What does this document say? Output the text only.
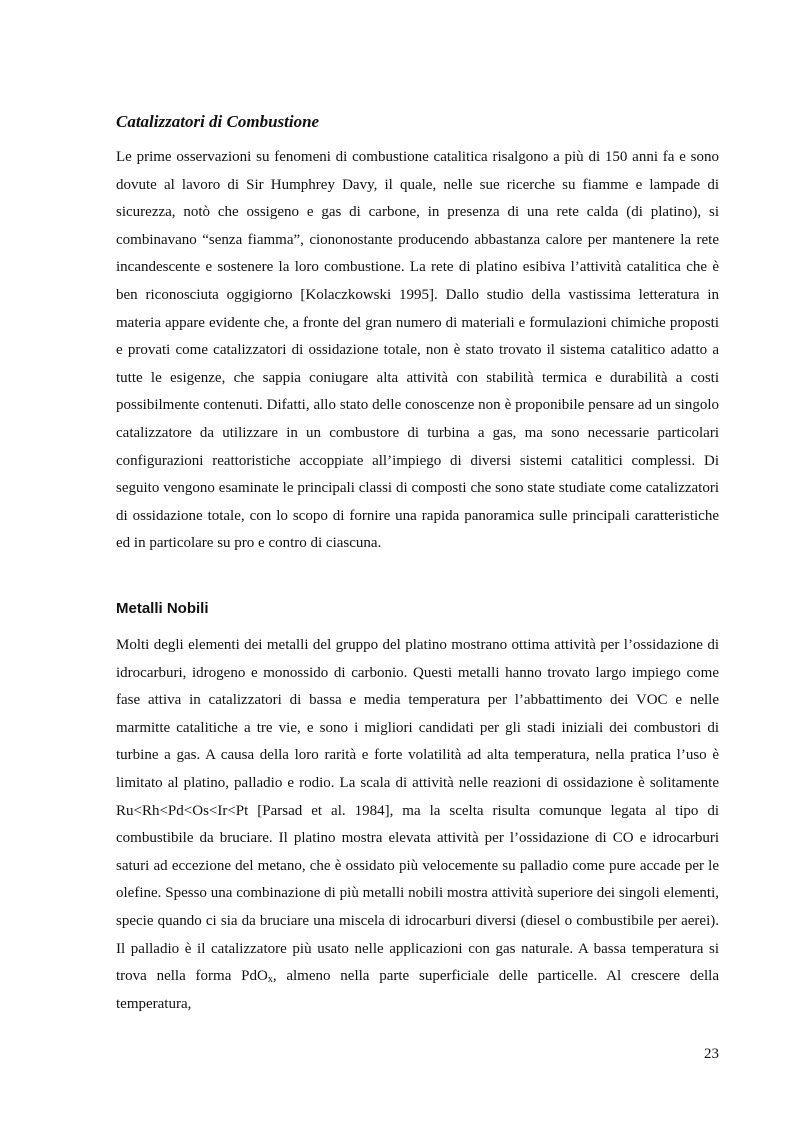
Catalizzatori di Combustione

Le prime osservazioni su fenomeni di combustione catalitica risalgono a più di 150 anni fa e sono dovute al lavoro di Sir Humphrey Davy, il quale, nelle sue ricerche su fiamme e lampade di sicurezza, notò che ossigeno e gas di carbone, in presenza di una rete calda (di platino), si combinavano “senza fiamma”, ciononostante producendo abbastanza calore per mantenere la rete incandescente e sostenere la loro combustione. La rete di platino esibiva l’attività catalitica che è ben riconosciuta oggigiorno [Kolaczkowski 1995]. Dallo studio della vastissima letteratura in materia appare evidente che, a fronte del gran numero di materiali e formulazioni chimiche proposti e provati come catalizzatori di ossidazione totale, non è stato trovato il sistema catalitico adatto a tutte le esigenze, che sappia coniugare alta attività con stabilità termica e durabilità a costi possibilmente contenuti. Difatti, allo stato delle conoscenze non è proponibile pensare ad un singolo catalizzatore da utilizzare in un combustore di turbina a gas, ma sono necessarie particolari configurazioni reattoristiche accoppiate all’impiego di diversi sistemi catalitici complessi. Di seguito vengono esaminate le principali classi di composti che sono state studiate come catalizzatori di ossidazione totale, con lo scopo di fornire una rapida panoramica sulle principali caratteristiche ed in particolare su pro e contro di ciascuna.

Metalli Nobili

Molti degli elementi dei metalli del gruppo del platino mostrano ottima attività per l’ossidazione di idrocarburi, idrogeno e monossido di carbonio. Questi metalli hanno trovato largo impiego come fase attiva in catalizzatori di bassa e media temperatura per l’abbattimento dei VOC e nelle marmitte catalitiche a tre vie, e sono i migliori candidati per gli stadi iniziali dei combustori di turbine a gas. A causa della loro rarità e forte volatilità ad alta temperatura, nella pratica l’uso è limitato al platino, palladio e rodio. La scala di attività nelle reazioni di ossidazione è solitamente Ru<Rh<Pd<Os<Ir<Pt [Parsad et al. 1984], ma la scelta risulta comunque legata al tipo di combustibile da bruciare. Il platino mostra elevata attività per l’ossidazione di CO e idrocarburi saturi ad eccezione del metano, che è ossidato più velocemente su palladio come pure accade per le olefine. Spesso una combinazione di più metalli nobili mostra attività superiore dei singoli elementi, specie quando ci sia da bruciare una miscela di idrocarburi diversi (diesel o combustibile per aerei). Il palladio è il catalizzatore più usato nelle applicazioni con gas naturale. A bassa temperatura si trova nella forma PdO$_x$, almeno nella parte superficiale delle particelle. Al crescere della temperatura,

23
